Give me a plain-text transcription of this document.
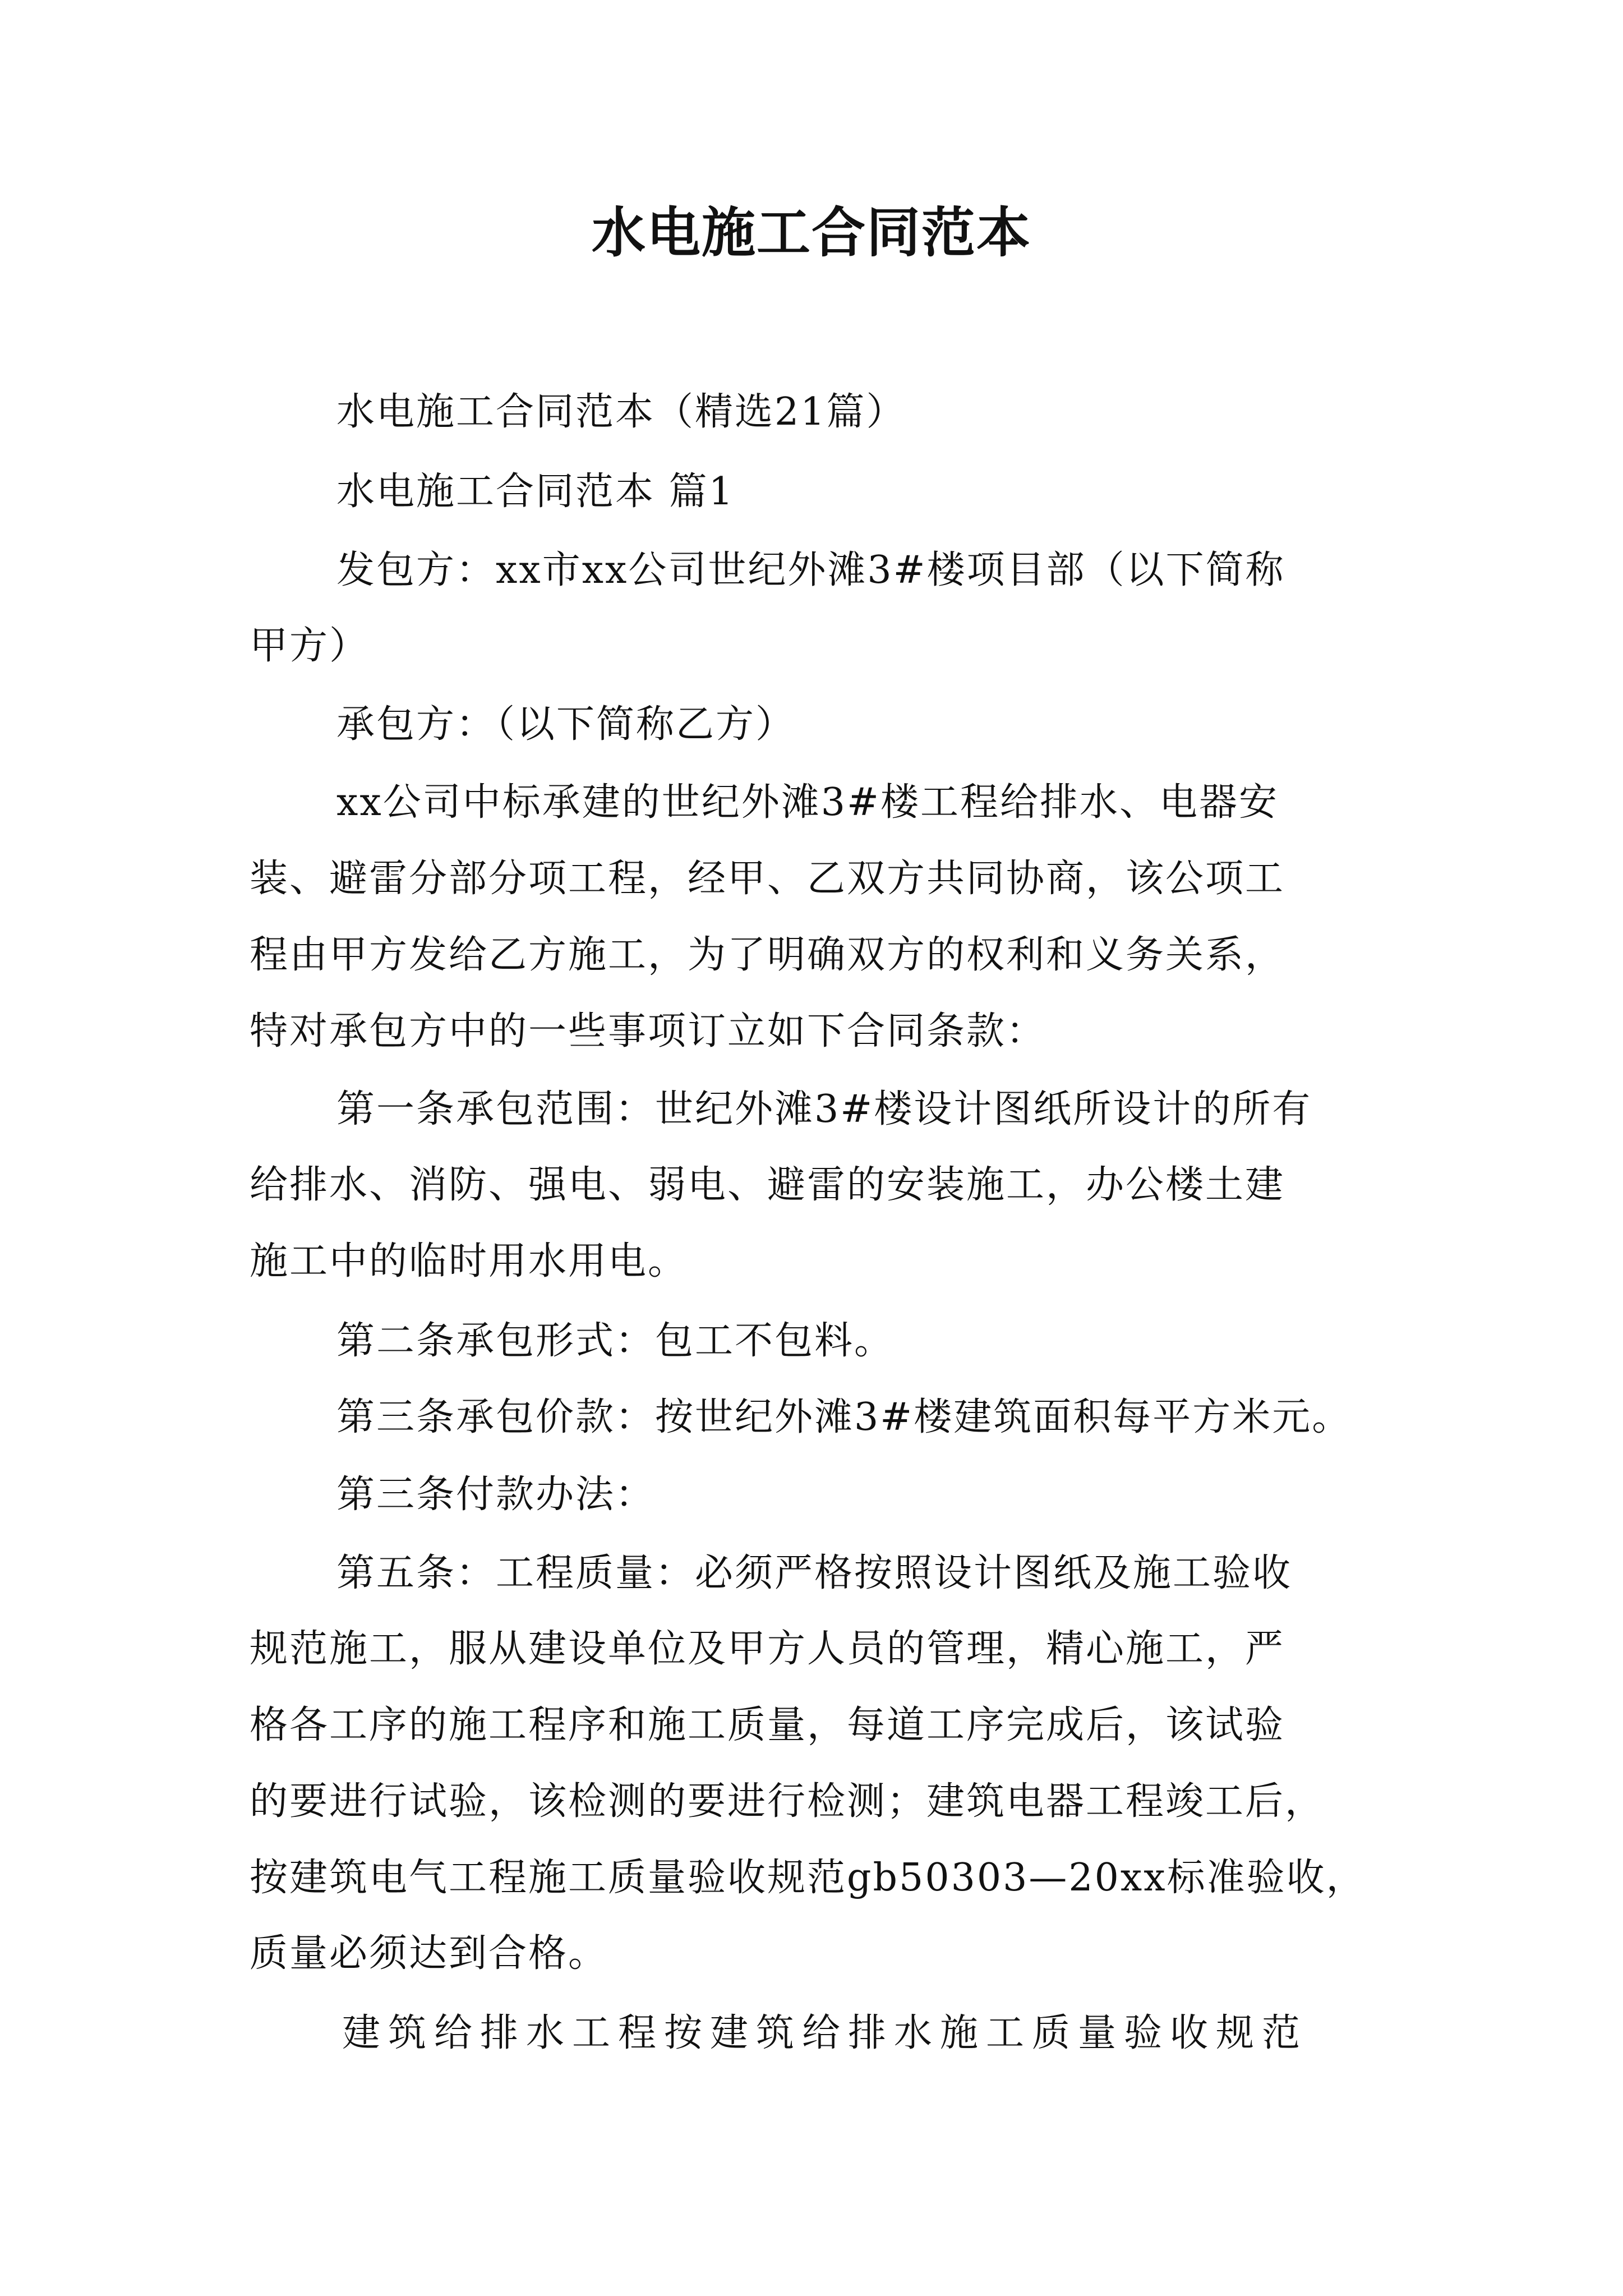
水电施工合同范本
水电施工合同范本（精选21篇）
水电施工合同范本 篇1
发包方：xx市xx公司世纪外滩3#楼项目部（以下简称
甲方）
承包方：（以下简称乙方）
xx公司中标承建的世纪外滩3#楼工程给排水、电器安
装、避雷分部分项工程，经甲、乙双方共同协商，该公项工
程由甲方发给乙方施工，为了明确双方的权利和义务关系，
特对承包方中的一些事项订立如下合同条款：
第一条承包范围：世纪外滩3#楼设计图纸所设计的所有
给排水、消防、强电、弱电、避雷的安装施工，办公楼土建
施工中的临时用水用电。
第二条承包形式：包工不包料。
第三条承包价款：按世纪外滩3#楼建筑面积每平方米元。
第三条付款办法：
第五条：工程质量：必须严格按照设计图纸及施工验收
规范施工，服从建设单位及甲方人员的管理，精心施工，严
格各工序的施工程序和施工质量，每道工序完成后，该试验
的要进行试验，该检测的要进行检测；建筑电器工程竣工后，
按建筑电气工程施工质量验收规范gb50303—20xx标准验收，
质量必须达到合格。
建筑给排水工程按建筑给排水施工质量验收规范
